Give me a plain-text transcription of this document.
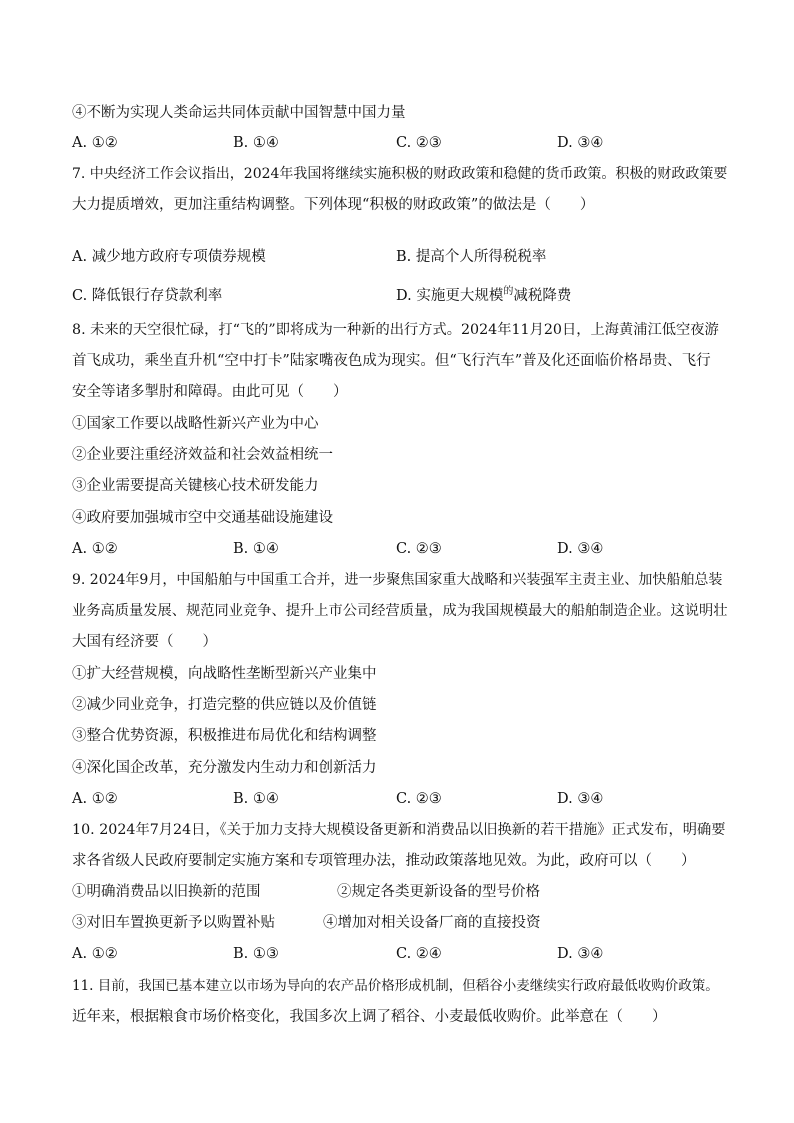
④不断为实现人类命运共同体贡献中国智慧中国力量
A. ①②	B. ①④	C. ②③	D. ③④
7. 中央经济工作会议指出，2024年我国将继续实施积极的财政政策和稳健的货币政策。积极的财政政策要
大力提质增效，更加注重结构调整。下列体现“积极的财政政策”的做法是（　　）
A. 减少地方政府专项债券规模	B. 提高个人所得税税率
C. 降低银行存贷款利率	D. 实施更大规模$^的$减税降费
8. 未来的天空很忙碌，打“飞的”即将成为一种新的出行方式。2024年11月20日，上海黄浦江低空夜游
首飞成功，乘坐直升机“空中打卡”陆家嘴夜色成为现实。但“飞行汽车”普及化还面临价格昂贵、飞行
安全等诸多掣肘和障碍。由此可见（　　）
①国家工作要以战略性新兴产业为中心
②企业要注重经济效益和社会效益相统一
③企业需要提高关键核心技术研发能力
④政府要加强城市空中交通基础设施建设
A. ①②	B. ①④	C. ②③	D. ③④
9. 2024年9月，中国船舶与中国重工合并，进一步聚焦国家重大战略和兴装强军主责主业、加快船舶总装
业务高质量发展、规范同业竞争、提升上市公司经营质量，成为我国规模最大的船舶制造企业。这说明壮
大国有经济要（　　）
①扩大经营规模，向战略性垄断型新兴产业集中
②减少同业竞争，打造完整的供应链以及价值链
③整合优势资源，积极推进布局优化和结构调整
④深化国企改革，充分激发内生动力和创新活力
A. ①②	B. ①④	C. ②③	D. ③④
10. 2024年7月24日，《关于加力支持大规模设备更新和消费品以旧换新的若干措施》正式发布，明确要
求各省级人民政府要制定实施方案和专项管理办法，推动政策落地见效。为此，政府可以（　　）
①明确消费品以旧换新的范围	②规定各类更新设备的型号价格
③对旧车置换更新予以购置补贴	④增加对相关设备厂商的直接投资
A. ①②	B. ①③	C. ②④	D. ③④
11. 目前，我国已基本建立以市场为导向的农产品价格形成机制，但稻谷小麦继续实行政府最低收购价政策。
近年来，根据粮食市场价格变化，我国多次上调了稻谷、小麦最低收购价。此举意在（　　）
